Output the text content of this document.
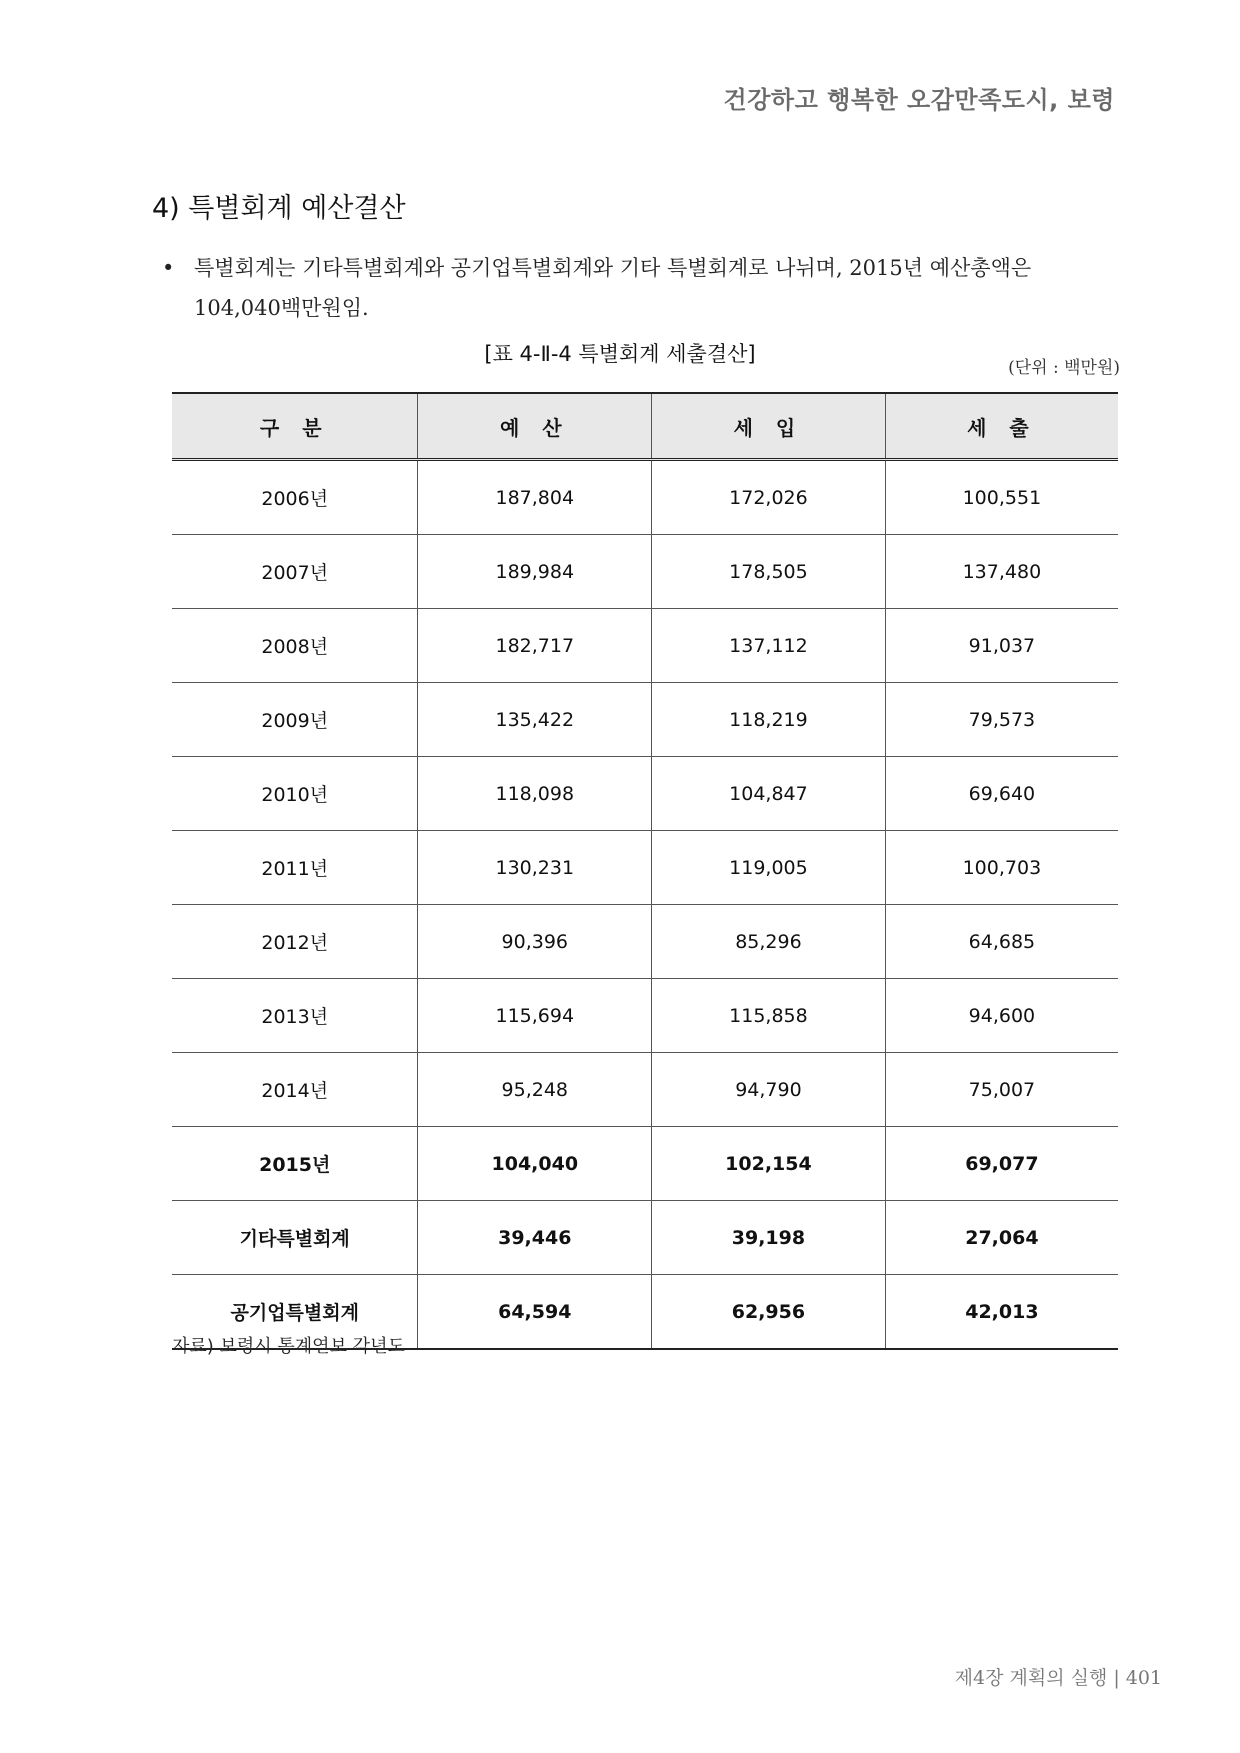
건강하고 행복한 오감만족도시, 보령
4) 특별회계 예산결산
• 특별회계는 기타특별회계와 공기업특별회계와 기타 특별회계로 나뉘며, 2015년 예산총액은
104,040백만원임.
[표 4-Ⅱ-4 특별회계 세출결산]
(단위 : 백만원)
구 분	예 산	세 입	세 출
2006년	187,804	172,026	100,551
2007년	189,984	178,505	137,480
2008년	182,717	137,112	91,037
2009년	135,422	118,219	79,573
2010년	118,098	104,847	69,640
2011년	130,231	119,005	100,703
2012년	90,396	85,296	64,685
2013년	115,694	115,858	94,600
2014년	95,248	94,790	75,007
2015년	104,040	102,154	69,077
기타특별회계	39,446	39,198	27,064
공기업특별회계	64,594	62,956	42,013
자료) 보령시 통계연보 각년도
제4장 계획의 실행 | 401
